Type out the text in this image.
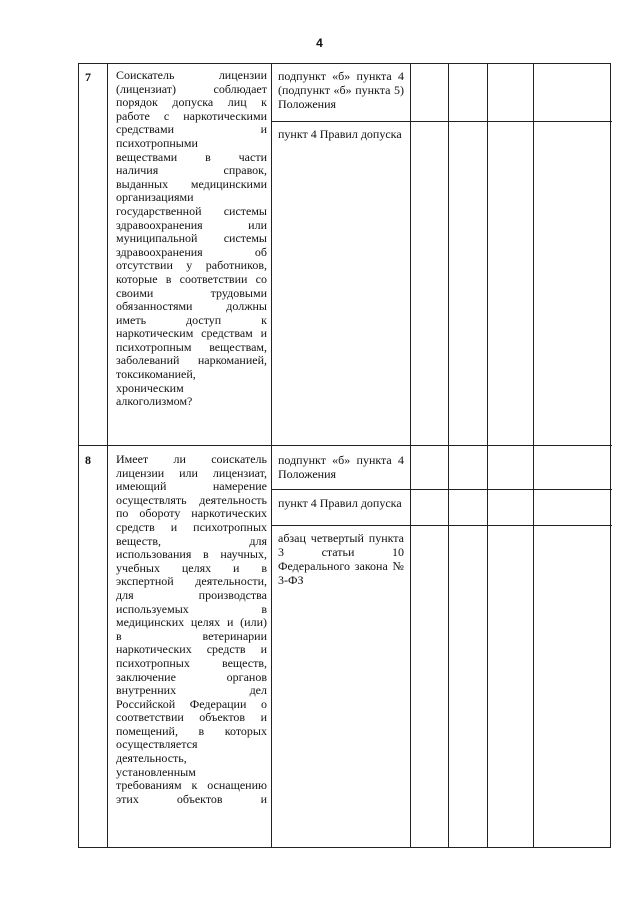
4
7 Соискатель лицензии
(лицензиат) соблюдает
порядок допуска лиц к
работе с наркотическими
средствами и
психотропными
веществами в части
наличия справок,
выданных медицинскими
организациями
государственной системы
здравоохранения или
муниципальной системы
здравоохранения об
отсутствии у работников,
которые в соответствии со
своими трудовыми
обязанностями должны
иметь доступ к
наркотическим средствам и
психотропным веществам,
заболеваний наркоманией,
токсикоманией,
хроническим
алкоголизмом?
подпункт «б» пункта 4
(подпункт «б» пункта 5)
Положения
пункт 4 Правил допуска
8 Имеет ли соискатель
лицензии или лицензиат,
имеющий намерение
осуществлять деятельность
по обороту наркотических
средств и психотропных
веществ, для
использования в научных,
учебных целях и в
экспертной деятельности,
для производства
используемых в
медицинских целях и (или)
в ветеринарии
наркотических средств и
психотропных веществ,
заключение органов
внутренних дел
Российской Федерации о
соответствии объектов и
помещений, в которых
осуществляется
деятельность,
установленным
требованиям к оснащению
этих объектов и
подпункт «б» пункта 4
Положения
пункт 4 Правил допуска
абзац четвертый пункта
3 статьи 10
Федерального закона №
3-ФЗ
